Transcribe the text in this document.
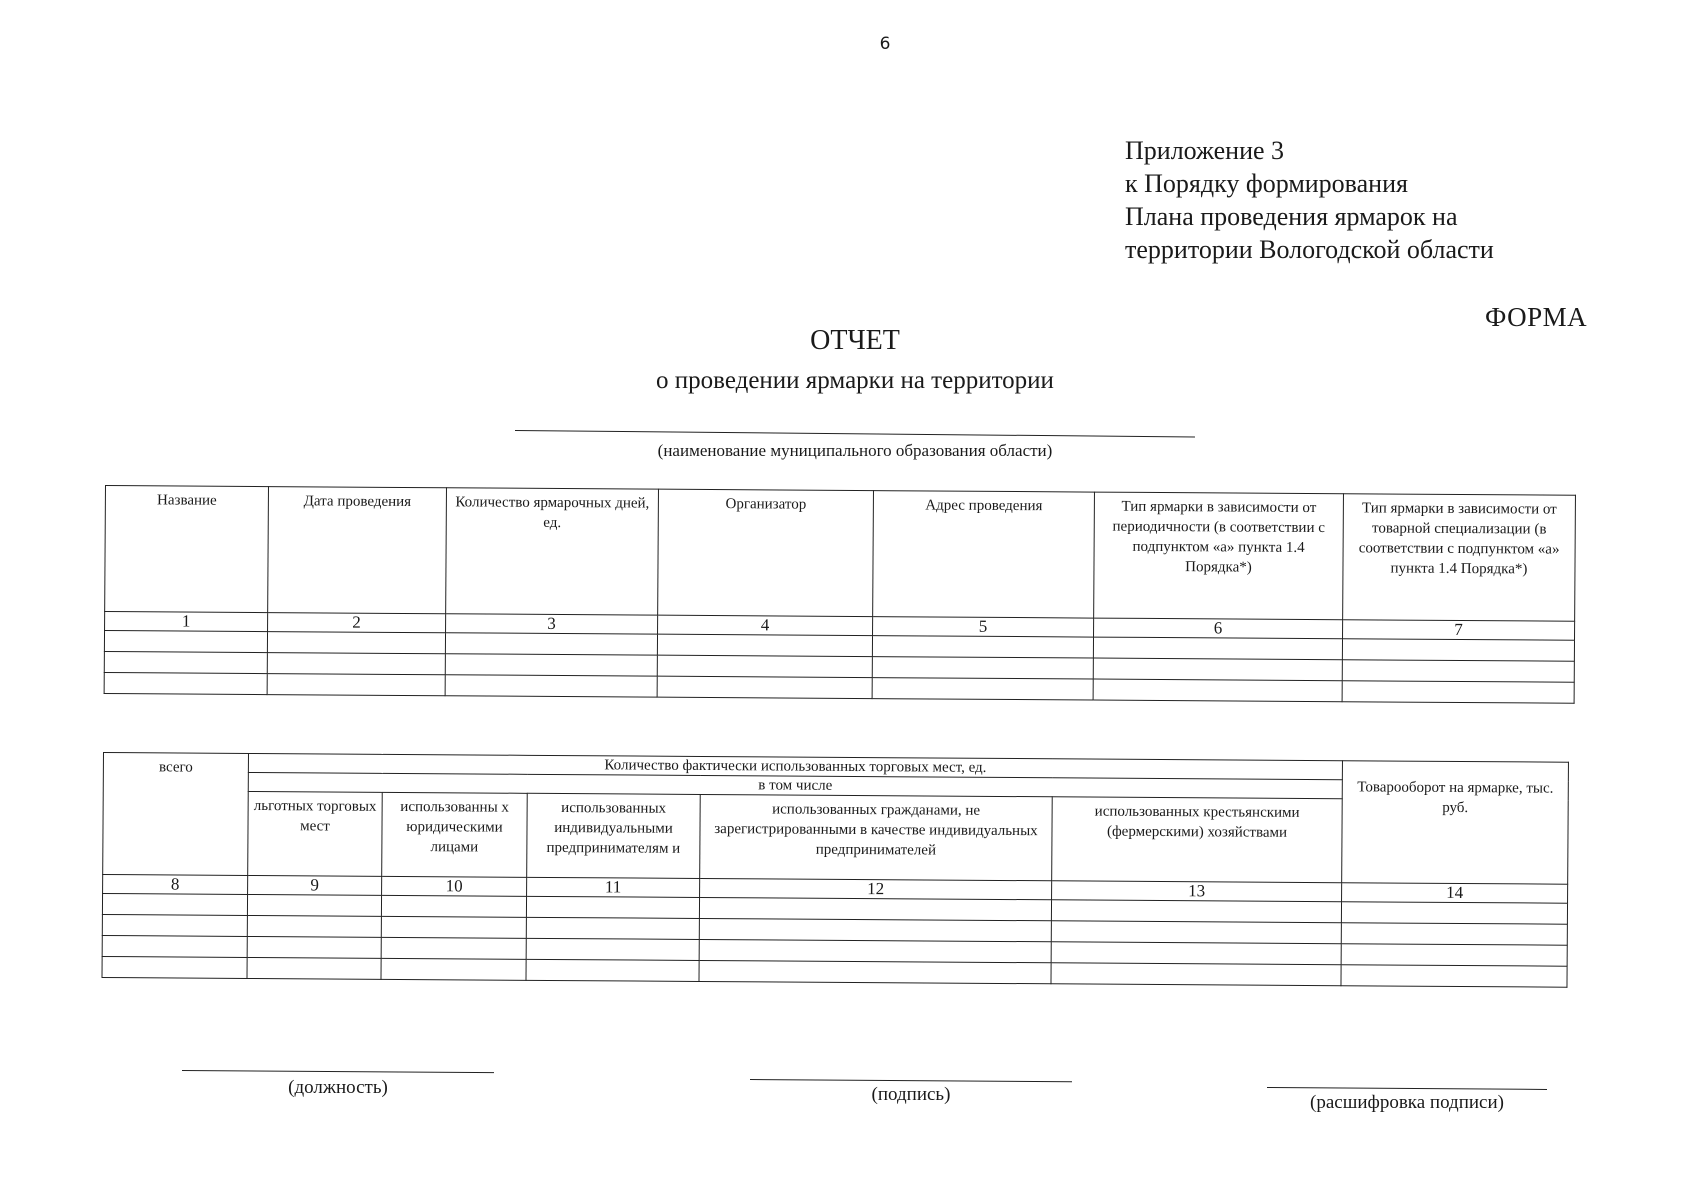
6
Приложение 3
к Порядку формирования
Плана проведения ярмарок на
территории Вологодской области
ФОРМА
ОТЧЕТ
о проведении ярмарки на территории
(наименование муниципального образования области)
Название	Дата проведения	Количество ярмарочных дней, ед.	Организатор	Адрес проведения	Тип ярмарки в зависимости от периодичности (в соответствии с подпунктом «а» пункта 1.4 Порядка*)	Тип ярмарки в зависимости от товарной специализации (в соответствии с подпунктом «а» пункта 1.4 Порядка*)
1	2	3	4	5	6	7

всего	Количество фактически использованных торговых мест, ед.					Товарооборот на ярмарке, тыс. руб.
	в том числе					
	льготных торговых мест	использованны х юридическими лицами	использованных индивидуальными предпринимателям и	использованных гражданами, не зарегистрированными в качестве индивидуальных предпринимателей	использованных крестьянскими (фермерскими) хозяйствами	
8	9	10	11	12	13	14

(должность)	(подпись)	(расшифровка подписи)
